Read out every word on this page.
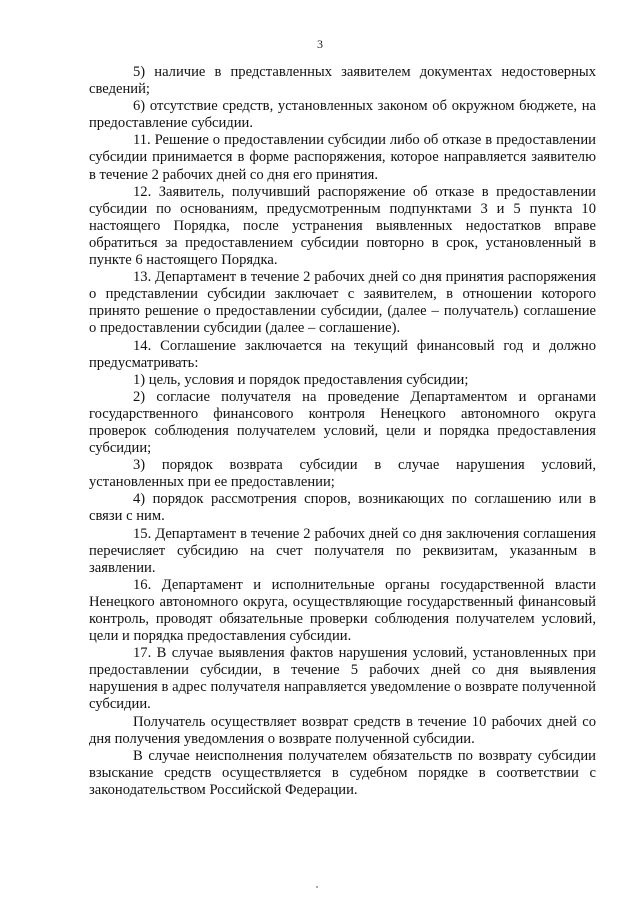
3

5) наличие в представленных заявителем документах недостоверных сведений;

6) отсутствие средств, установленных законом об окружном бюджете, на предоставление субсидии.

11. Решение о предоставлении субсидии либо об отказе в предоставлении субсидии принимается в форме распоряжения, которое направляется заявителю в течение 2 рабочих дней со дня его принятия.

12. Заявитель, получивший распоряжение об отказе в предоставлении субсидии по основаниям, предусмотренным подпунктами 3 и 5 пункта 10 настоящего Порядка, после устранения выявленных недостатков вправе обратиться за предоставлением субсидии повторно в срок, установленный в пункте 6 настоящего Порядка.

13. Департамент в течение 2 рабочих дней со дня принятия распоряжения о представлении субсидии заключает с заявителем, в отношении которого принято решение о предоставлении субсидии, (далее – получатель) соглашение о предоставлении субсидии (далее – соглашение).

14. Соглашение заключается на текущий финансовый год и должно предусматривать:

1) цель, условия и порядок предоставления субсидии;

2) согласие получателя на проведение Департаментом и органами государственного финансового контроля Ненецкого автономного округа проверок соблюдения получателем условий, цели и порядка предоставления субсидии;

3) порядок возврата субсидии в случае нарушения условий, установленных при ее предоставлении;

4) порядок рассмотрения споров, возникающих по соглашению или в связи с ним.

15. Департамент в течение 2 рабочих дней со дня заключения соглашения перечисляет субсидию на счет получателя по реквизитам, указанным в заявлении.

16. Департамент и исполнительные органы государственной власти Ненецкого автономного округа, осуществляющие государственный финансовый контроль, проводят обязательные проверки соблюдения получателем условий, цели и порядка предоставления субсидии.

17. В случае выявления фактов нарушения условий, установленных при предоставлении субсидии, в течение 5 рабочих дней со дня выявления нарушения в адрес получателя направляется уведомление о возврате полученной субсидии.

Получатель осуществляет возврат средств в течение 10 рабочих дней со дня получения уведомления о возврате полученной субсидии.

В случае неисполнения получателем обязательств по возврату субсидии взыскание средств осуществляется в судебном порядке в соответствии с законодательством Российской Федерации.
